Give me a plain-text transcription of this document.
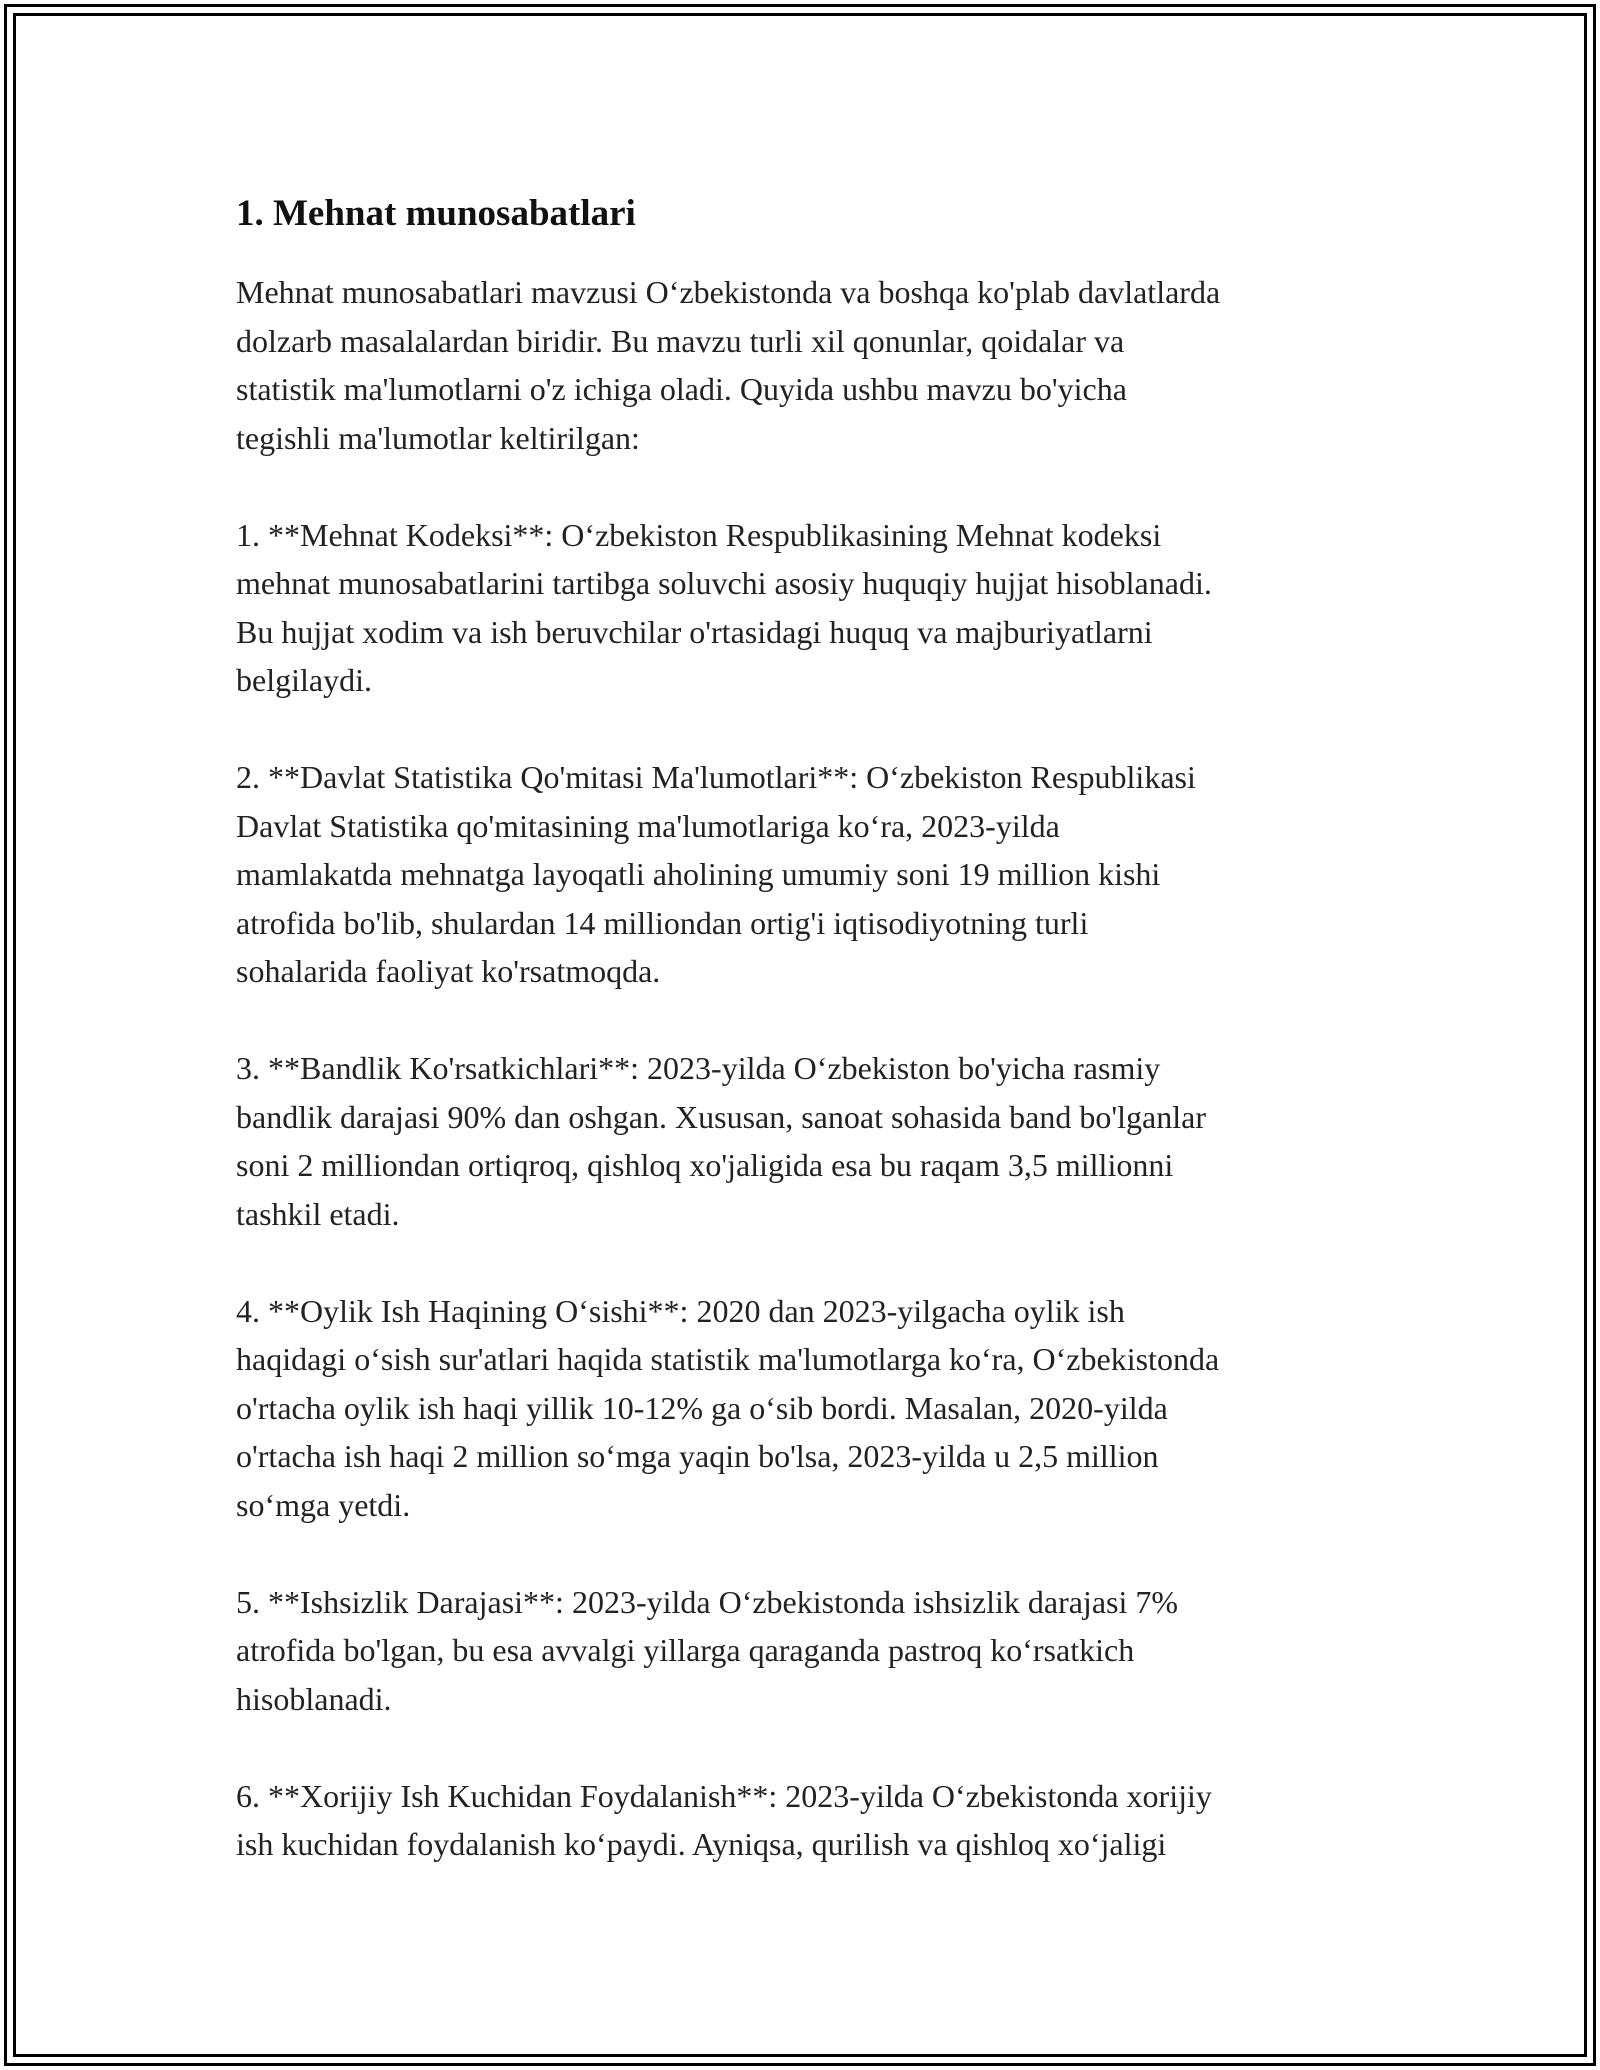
1. Mehnat munosabatlari

Mehnat munosabatlari mavzusi O‘zbekistonda va boshqa ko'plab davlatlarda
dolzarb masalalardan biridir. Bu mavzu turli xil qonunlar, qoidalar va
statistik ma'lumotlarni o'z ichiga oladi. Quyida ushbu mavzu bo'yicha
tegishli ma'lumotlar keltirilgan:

1. **Mehnat Kodeksi**: O‘zbekiston Respublikasining Mehnat kodeksi
mehnat munosabatlarini tartibga soluvchi asosiy huquqiy hujjat hisoblanadi.
Bu hujjat xodim va ish beruvchilar o'rtasidagi huquq va majburiyatlarni
belgilaydi.

2. **Davlat Statistika Qo'mitasi Ma'lumotlari**: O‘zbekiston Respublikasi
Davlat Statistika qo'mitasining ma'lumotlariga ko‘ra, 2023-yilda
mamlakatda mehnatga layoqatli aholining umumiy soni 19 million kishi
atrofida bo'lib, shulardan 14 milliondan ortig'i iqtisodiyotning turli
sohalarida faoliyat ko'rsatmoqda.

3. **Bandlik Ko'rsatkichlari**: 2023-yilda O‘zbekiston bo'yicha rasmiy
bandlik darajasi 90% dan oshgan. Xususan, sanoat sohasida band bo'lganlar
soni 2 milliondan ortiqroq, qishloq xo'jaligida esa bu raqam 3,5 millionni
tashkil etadi.

4. **Oylik Ish Haqining O‘sishi**: 2020 dan 2023-yilgacha oylik ish
haqidagi o‘sish sur'atlari haqida statistik ma'lumotlarga ko‘ra, O‘zbekistonda
o'rtacha oylik ish haqi yillik 10-12% ga o‘sib bordi. Masalan, 2020-yilda
o'rtacha ish haqi 2 million so‘mga yaqin bo'lsa, 2023-yilda u 2,5 million
so‘mga yetdi.

5. **Ishsizlik Darajasi**: 2023-yilda O‘zbekistonda ishsizlik darajasi 7%
atrofida bo'lgan, bu esa avvalgi yillarga qaraganda pastroq ko‘rsatkich
hisoblanadi.

6. **Xorijiy Ish Kuchidan Foydalanish**: 2023-yilda O‘zbekistonda xorijiy
ish kuchidan foydalanish ko‘paydi. Ayniqsa, qurilish va qishloq xo‘jaligi
